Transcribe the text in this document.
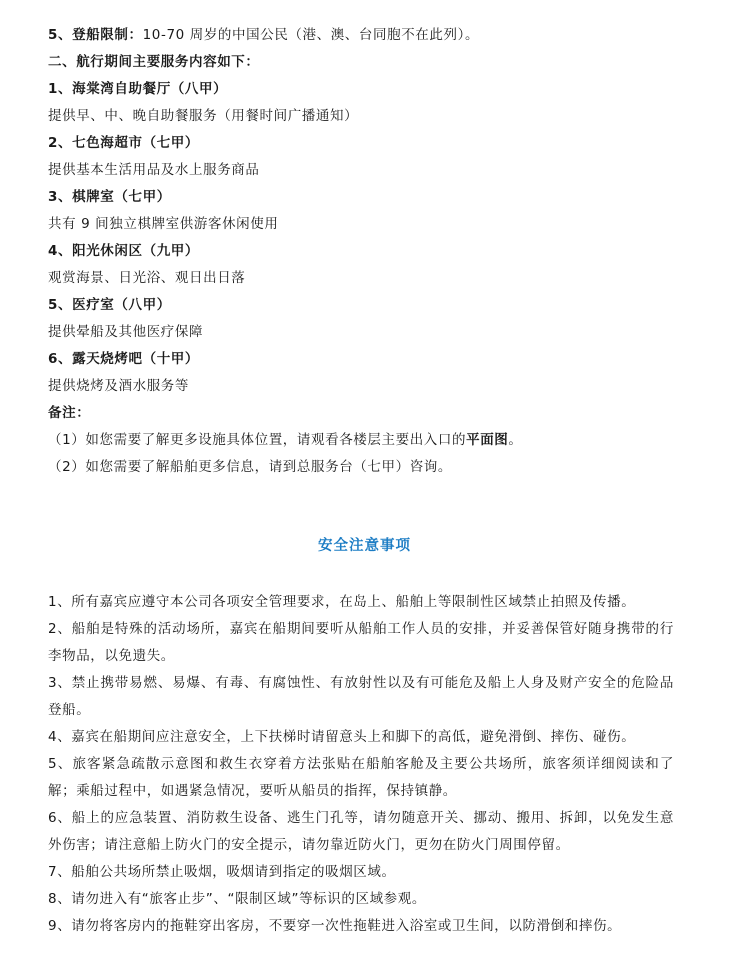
5、登船限制：10-70 周岁的中国公民（港、澳、台同胞不在此列）。
二、航行期间主要服务内容如下：
1、海棠湾自助餐厅（八甲）
提供早、中、晚自助餐服务（用餐时间广播通知）
2、七色海超市（七甲）
提供基本生活用品及水上服务商品
3、棋牌室（七甲）
共有 9 间独立棋牌室供游客休闲使用
4、阳光休闲区（九甲）
观赏海景、日光浴、观日出日落
5、医疗室（八甲）
提供晕船及其他医疗保障
6、露天烧烤吧（十甲）
提供烧烤及酒水服务等
备注：
（1）如您需要了解更多设施具体位置，请观看各楼层主要出入口的平面图。
（2）如您需要了解船舶更多信息，请到总服务台（七甲）咨询。
安全注意事项

1、所有嘉宾应遵守本公司各项安全管理要求，在岛上、船舶上等限制性区域禁止拍照及传播。

2、船舶是特殊的活动场所，嘉宾在船期间要听从船舶工作人员的安排，并妥善保管好随身携带的行李物品，以免遗失。

3、禁止携带易燃、易爆、有毒、有腐蚀性、有放射性以及有可能危及船上人身及财产安全的危险品登船。

4、嘉宾在船期间应注意安全，上下扶梯时请留意头上和脚下的高低，避免滑倒、摔伤、碰伤。

5、旅客紧急疏散示意图和救生衣穿着方法张贴在船舶客舱及主要公共场所，旅客须详细阅读和了解；乘船过程中，如遇紧急情况，要听从船员的指挥，保持镇静。

6、船上的应急装置、消防救生设备、逃生门孔等，请勿随意开关、挪动、搬用、拆卸，以免发生意外伤害；请注意船上防火门的安全提示，请勿靠近防火门，更勿在防火门周围停留。

7、船舶公共场所禁止吸烟，吸烟请到指定的吸烟区域。

8、请勿进入有“旅客止步”、“限制区域”等标识的区域参观。

9、请勿将客房内的拖鞋穿出客房，不要穿一次性拖鞋进入浴室或卫生间，以防滑倒和摔伤。
